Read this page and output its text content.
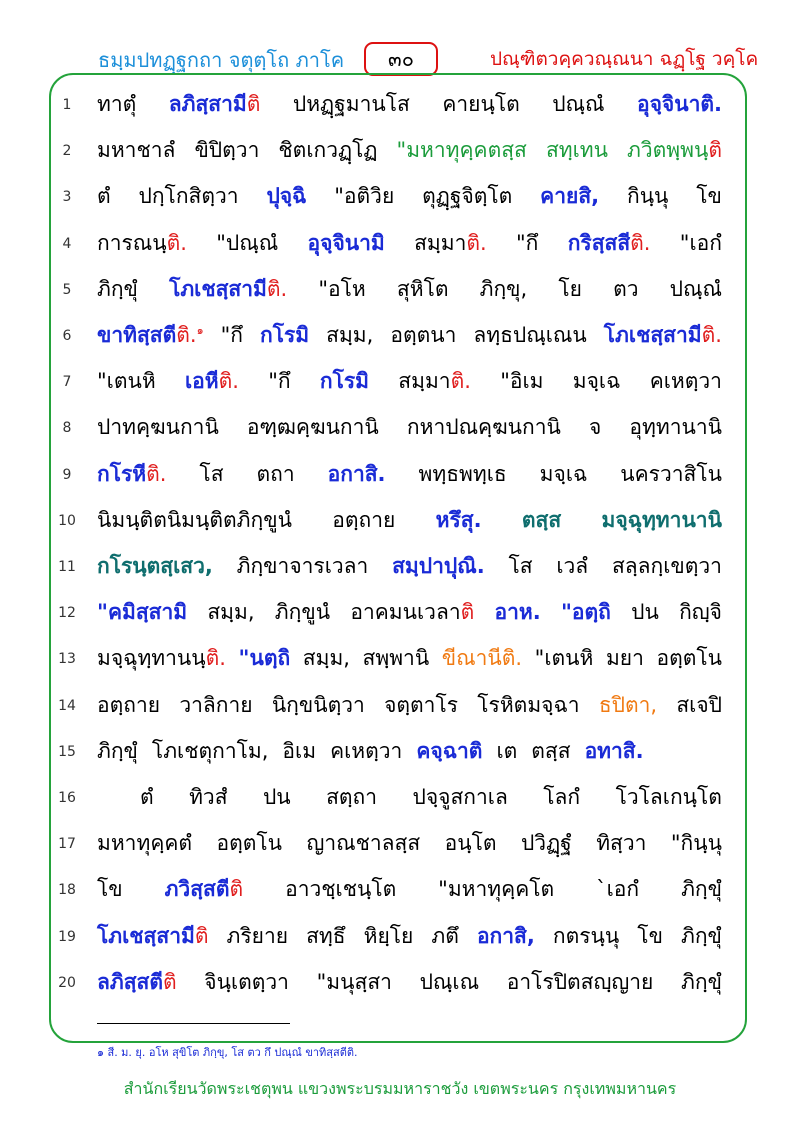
ธมฺมปทฏฺฐกถา จตุตฺโถ ภาโค	๓๐	ปณฺฑิตวคฺควณฺณนา ฉฏฺโฐ วคฺโค
1	ทาตุํ ลภิสฺสามีติ ปหฏฺฐมานโส คายนฺโต ปณฺณํ อุจฺจินาติ.
2	มหาชาลํ ขิปิตฺวา ชิตเกวฏฺโฏ "มหาทุคฺคตสฺส สทฺเทน ภวิตพฺพนฺติ
3	ตํ ปกฺโกสิตฺวา ปุจฺฉิ "อติวิย ตุฏฺฐจิตฺโต คายสิ, กินฺนุ โข
4	การณนฺติ. "ปณฺณํ อุจฺจินามิ สมฺมาติ. "กึ กริสฺสสีติ. "เอกํ
5	ภิกฺขุํ โภเชสฺสามีติ. "อโห สุหิโต ภิกฺขุ, โย ตว ปณฺณํ
6	ขาทิสฺสตีติ.$^๑$ "กึ กโรมิ สมฺม, อตฺตนา ลทฺธปณฺเณน โภเชสฺสามีติ.
7	"เตนหิ เอหีติ. "กึ กโรมิ สมฺมาติ. "อิเม มจฺเฉ คเหตฺวา
8	ปาทคฺฆนกานิ อฑฺฒคฺฆนกานิ กหาปณคฺฆนกานิ จ อุทฺทานานิ
9	กโรหีติ. โส ตถา อกาสิ. พทฺธพทฺเธ มจฺเฉ นครวาสิโน
10 นิมนฺติตนิมนฺติตภิกฺขูนํ อตฺถาย หรึสุ. ตสฺส มจฺฉุทฺทานานิ
11 กโรนฺตสฺเสว, ภิกฺขาจารเวลา สมฺปาปุณิ. โส เวลํ สลฺลกฺเขตฺวา
12 "คมิสฺสามิ สมฺม, ภิกฺขูนํ อาคมนเวลาติ อาห. "อตฺถิ ปน กิญฺจิ
13 มจฺฉุทฺทานนฺติ. "นตฺถิ สมฺม, สพฺพานิ ขีณานีติ. "เตนหิ มยา อตฺตโน
14 อตฺถาย วาลิกาย นิกฺขนิตฺวา จตฺตาโร โรหิตมจฺฉา ธปิตา, สเจปิ
15 ภิกฺขุํ โภเชตุกาโม, อิเม คเหตฺวา คจฺฉาติ เต ตสฺส อทาสิ.
16	ตํ ทิวสํ ปน สตฺถา ปจฺจูสกาเล โลกํ โวโลเกนฺโต
17 มหาทุคฺคตํ อตฺตโน ญาณชาลสฺส อนฺโต ปวิฏฺฐํ ทิสฺวา "กินฺนุ
18 โข ภวิสฺสตีติ อาวชฺเชนฺโต "มหาทุคฺคโต `เอกํ ภิกฺขุํ
19 โภเชสฺสามีติ ภริยาย สทฺธึ หิยฺโย ภตึ อกาสิ, กตรนฺนุ โข ภิกฺขุํ
20 ลภิสฺสตีติ จินฺเตตฺวา "มนุสฺสา ปณฺเณ อาโรปิตสญฺญาย ภิกฺขุํ
๑ สี. ม. ยุ. อโห สุขิโต ภิกฺขุ, โส ตว กึ ปณฺณํ ขาทิสฺสตีติ.
สำนักเรียนวัดพระเชตุพน แขวงพระบรมมหาราชวัง เขตพระนคร กรุงเทพมหานคร
